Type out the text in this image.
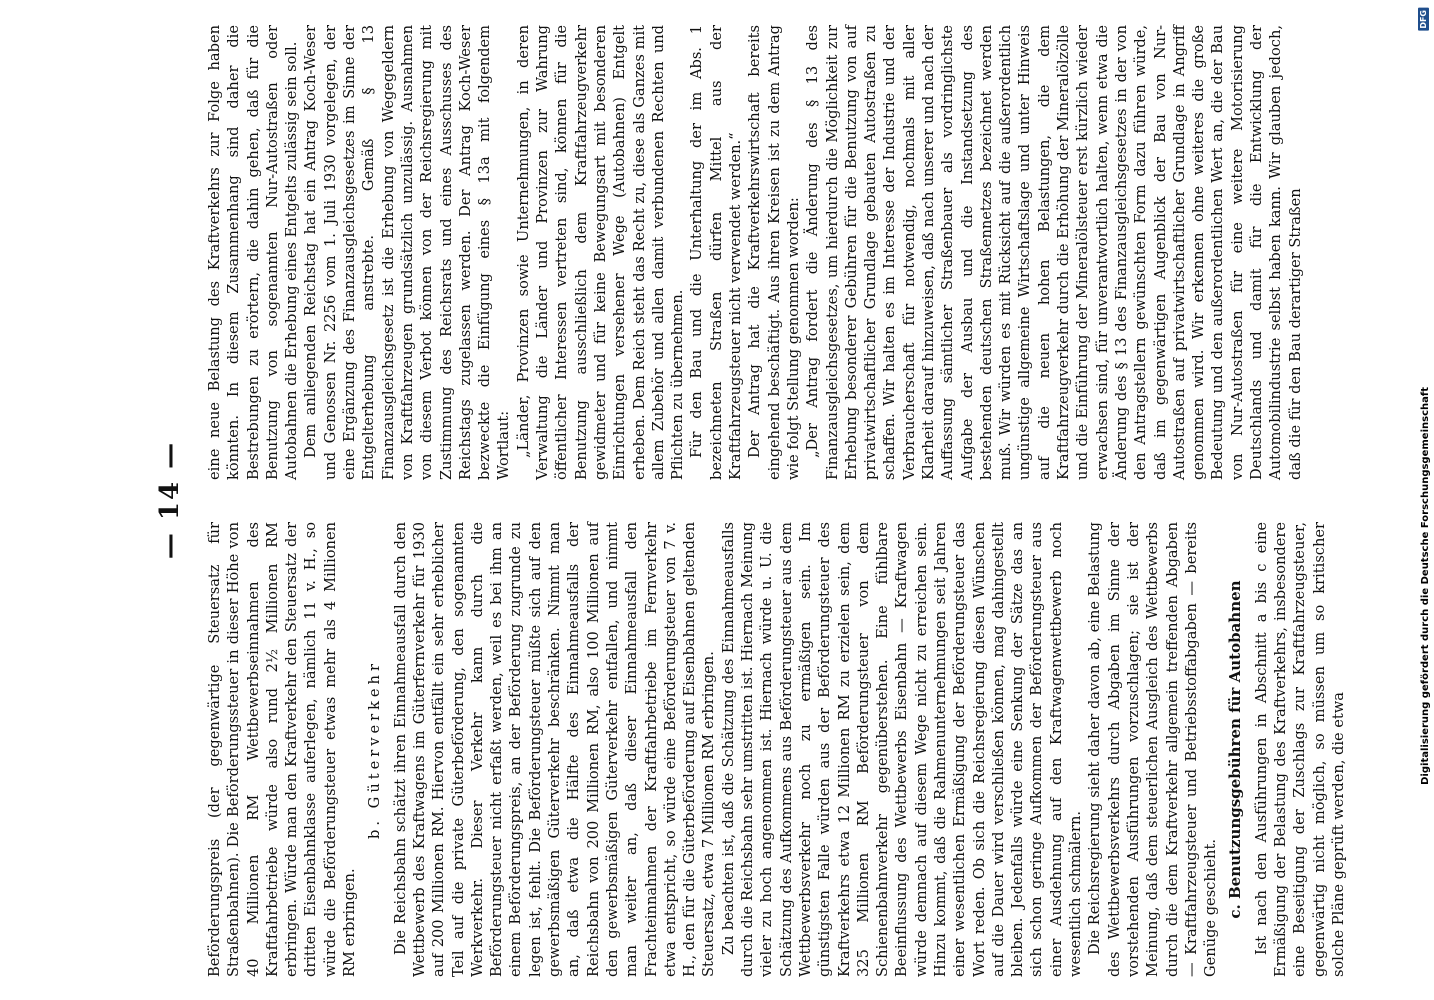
— 14 —

Beförderungspreis (der gegenwärtige Steuersatz für Straßenbahnen). Die Beförderungssteuer in dieser Höhe von 40 Millionen RM Wettbewerbseinnahmen des Kraftfahrbetriebe würde also rund 2½ Millionen RM erbringen. Würde man den Kraftverkehr den Steuersatz der dritten Eisenbahnklasse auferlegen, nämlich 11 v. H., so würde die Beförderungsteuer etwas mehr als 4 Millionen RM erbringen.

b. Güterverkehr Die Reichsbahn schätzt ihren Einnahmeausfall durch den Wettbewerb des Kraftwagens im Güterfernverkehr für 1930 auf 200 Millionen RM. Hiervon entfällt ein sehr erheblicher Teil auf die private Güterbeförderung, den sogenannten Werkverkehr. Dieser Verkehr kann durch die Beförderungsteuer nicht erfaßt werden, weil es bei ihm an einem Beförderungspreis, an der Beförderung zugrunde zu legen ist, fehlt. Die Beförderungsteuer müßte sich auf den gewerbsmäßigen Güterverkehr beschränken. Nimmt man an, daß etwa die Hälfte des Einnahmeausfalls der Reichsbahn von 200 Millionen RM, also 100 Millionen auf den gewerbsmäßigen Güterverkehr entfallen, und nimmt man weiter an, daß dieser Einnahmeausfall den Frachteinnahmen der Kraftfahrbetriebe im Fernverkehr etwa entspricht, so würde eine Beförderungsteuer von 7 v. H., den für die Güterbeförderung auf Eisenbahnen geltenden Steuersatz, etwa 7 Millionen RM erbringen. Zu beachten ist, daß die Schätzung des Einnahmeausfalls durch die Reichsbahn sehr umstritten ist. Hiernach Meinung vieler zu hoch angenommen ist. Hiernach würde u. U. die Schätzung des Aufkommens aus Beförderungsteuer aus dem Wettbewerbsverkehr noch zu ermäßigen sein. Im günstigsten Falle würden aus der Beförderungsteuer des Kraftverkehrs etwa 12 Millionen RM zu erzielen sein, dem 325 Millionen RM Beförderungsteuer von dem Schienenbahnverkehr gegenüberstehen. Eine fühlbare Beeinflussung des Wettbewerbs Eisenbahn — Kraftwagen würde demnach auf diesem Wege nicht zu erreichen sein. Hinzu kommt, daß die Rahmenunternehmungen seit Jahren einer wesentlichen Ermäßigung der Beförderungsteuer das Wort reden. Ob sich die Reichsregierung diesen Wünschen auf die Dauer wird verschließen können, mag dahingestellt bleiben. Jedenfalls würde eine Senkung der Sätze das an sich schon geringe Aufkommen der Beförderungsteuer aus einer Ausdehnung auf den Kraftwagenwettbewerb noch wesentlich schmälern. Die Reichsregierung sieht daher davon ab, eine Belastung des Wettbewerbsverkehrs durch Abgaben im Sinne der vorstehenden Ausführungen vorzuschlagen; sie ist der Meinung, daß dem steuerlichen Ausgleich des Wettbewerbs durch die dem Kraftverkehr allgemein treffenden Abgaben — Kraftfahrzeugsteuer und Betriebsstoffabgaben — bereits Genüge geschieht. c. Benutzungsgebühren für Autobahnen Ist nach den Ausführungen in Abschnitt a bis c eine Ermäßigung der Belastung des Kraftverkehrs, insbesondere eine Beseitigung der Zuschlags zur Kraftfahrzeugsteuer, gegenwärtig nicht möglich, so müssen um so kritischer solche Pläne geprüft werden, die etwa

eine neue Belastung des Kraftverkehrs zur Folge haben könnten. In diesem Zusammenhang sind daher die Bestrebungen zu erörtern, die dahin gehen, daß für die Benutzung von sogenannten Nur-Autostraßen oder Autobahnen die Erhebung eines Entgelts zulässig sein soll. Dem anliegenden Reichstag hat ein Antrag Koch-Weser und Genossen Nr. 2256 vom 1. Juli 1930 vorgelegen, der eine Ergänzung des Finanzausgleichsgesetzes im Sinne der Entgelterhebung anstrebte. Gemäß § 13 Finanzausgleichsgesetz ist die Erhebung von Wegegeldern von Kraftfahrzeugen grundsätzlich unzulässig. Ausnahmen von diesem Verbot können von der Reichsregierung mit Zustimmung des Reichsrats und eines Ausschusses des Reichstags zugelassen werden. Der Antrag Koch-Weser bezweckte die Einfügung eines § 13a mit folgendem Wortlaut: „Länder, Provinzen sowie Unternehmungen, in deren Verwaltung die Länder und Provinzen zur Wahrung öffentlicher Interessen vertreten sind, können für die Benutzung ausschließlich dem Kraftfahrzeugverkehr gewidmeter und für keine Bewegungsart mit besonderen Einrichtungen versehener Wege (Autobahnen) Entgelt erheben. Dem Reich steht das Recht zu, diese als Ganzes mit allem Zubehör und allen damit verbundenen Rechten und Pflichten zu übernehmen. Für den Bau und die Unterhaltung der im Abs. 1 bezeichneten Straßen dürfen Mittel aus der Kraftfahrzeugsteuer nicht verwendet werden.“ Der Antrag hat die Kraftverkehrswirtschaft bereits eingehend beschäftigt. Aus ihren Kreisen ist zu dem Antrag wie folgt Stellung genommen worden: „Der Antrag fordert die Änderung des § 13 des Finanzausgleichsgesetzes, um hierdurch die Möglichkeit zur Erhebung besonderer Gebühren für die Benutzung von auf privatwirtschaftlicher Grundlage gebauten Autostraßen zu schaffen. Wir halten es im Interesse der Industrie und der Verbraucherschaft für notwendig, nochmals mit aller Klarheit darauf hinzuweisen, daß nach unserer und nach der Auffassung sämtlicher Straßenbauer als vordringlichste Aufgabe der Ausbau und die Instandsetzung des bestehenden deutschen Straßennetzes bezeichnet werden muß. Wir würden es mit Rücksicht auf die außerordentlich ungünstige allgemeine Wirtschaftslage und unter Hinweis auf die neuen hohen Belastungen, die dem Kraftfahrzeugverkehr durch die Erhöhung der Mineralölzölle und die Einführung der Mineralölsteuer erst kürzlich wieder erwachsen sind, für unverantwortlich halten, wenn etwa die Änderung des § 13 des Finanzausgleichsgesetzes in der von den Antragstellern gewünschten Form dazu führen würde, daß im gegenwärtigen Augenblick der Bau von Nur-Autostraßen auf privatwirtschaftlicher Grundlage in Angriff genommen wird. Wir erkennen ohne weiteres die große Bedeutung und den außerordentlichen Wert an, die der Bau von Nur-Autostraßen für eine weitere Motorisierung Deutschlands und damit für die Entwicklung der Automobilindustrie selbst haben kann. Wir glauben jedoch, daß die für den Bau derartiger Straßen

DFG
Digitalisierung gefördert durch die Deutsche Forschungsgemeinschaft
